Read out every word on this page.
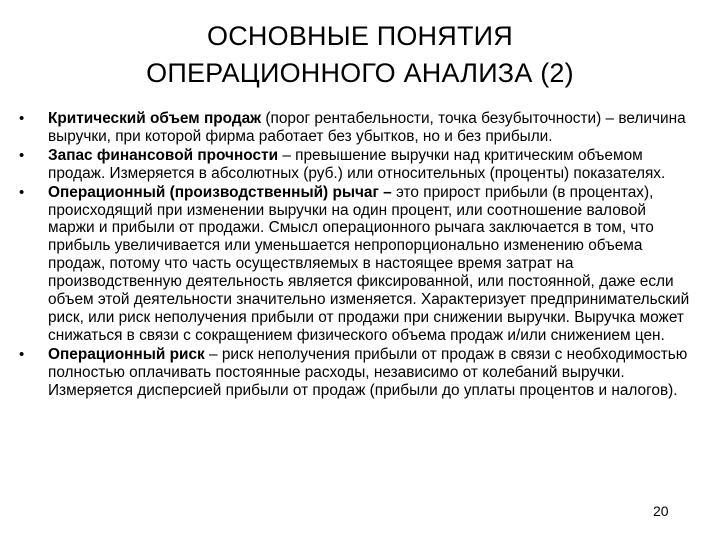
ОСНОВНЫЕ ПОНЯТИЯ
ОПЕРАЦИОННОГО АНАЛИЗА (2)
•	Критический объем продаж (порог рентабельности, точка безубыточности) – величина выручки, при которой фирма работает без убытков, но и без прибыли.
•	Запас финансовой прочности – превышение выручки над критическим объемом продаж. Измеряется в абсолютных (руб.) или относительных (проценты) показателях.
•	Операционный (производственный) рычаг – это прирост прибыли (в процентах), происходящий при изменении выручки на один процент, или соотношение валовой маржи и прибыли от продажи. Смысл операционного рычага заключается в том, что прибыль увеличивается или уменьшается непропорционально изменению объема продаж, потому что часть осуществляемых в настоящее время затрат на производственную деятельность является фиксированной, или постоянной, даже если объем этой деятельности значительно изменяется. Характеризует предпринимательский риск, или риск неполучения прибыли от продажи при снижении выручки. Выручка может снижаться в связи с сокращением физического объема продаж и/или снижением цен.
•	Операционный риск – риск неполучения прибыли от продаж в связи с необходимостью полностью оплачивать постоянные расходы, независимо от колебаний выручки. Измеряется дисперсией прибыли от продаж (прибыли до уплаты процентов и налогов).
20
